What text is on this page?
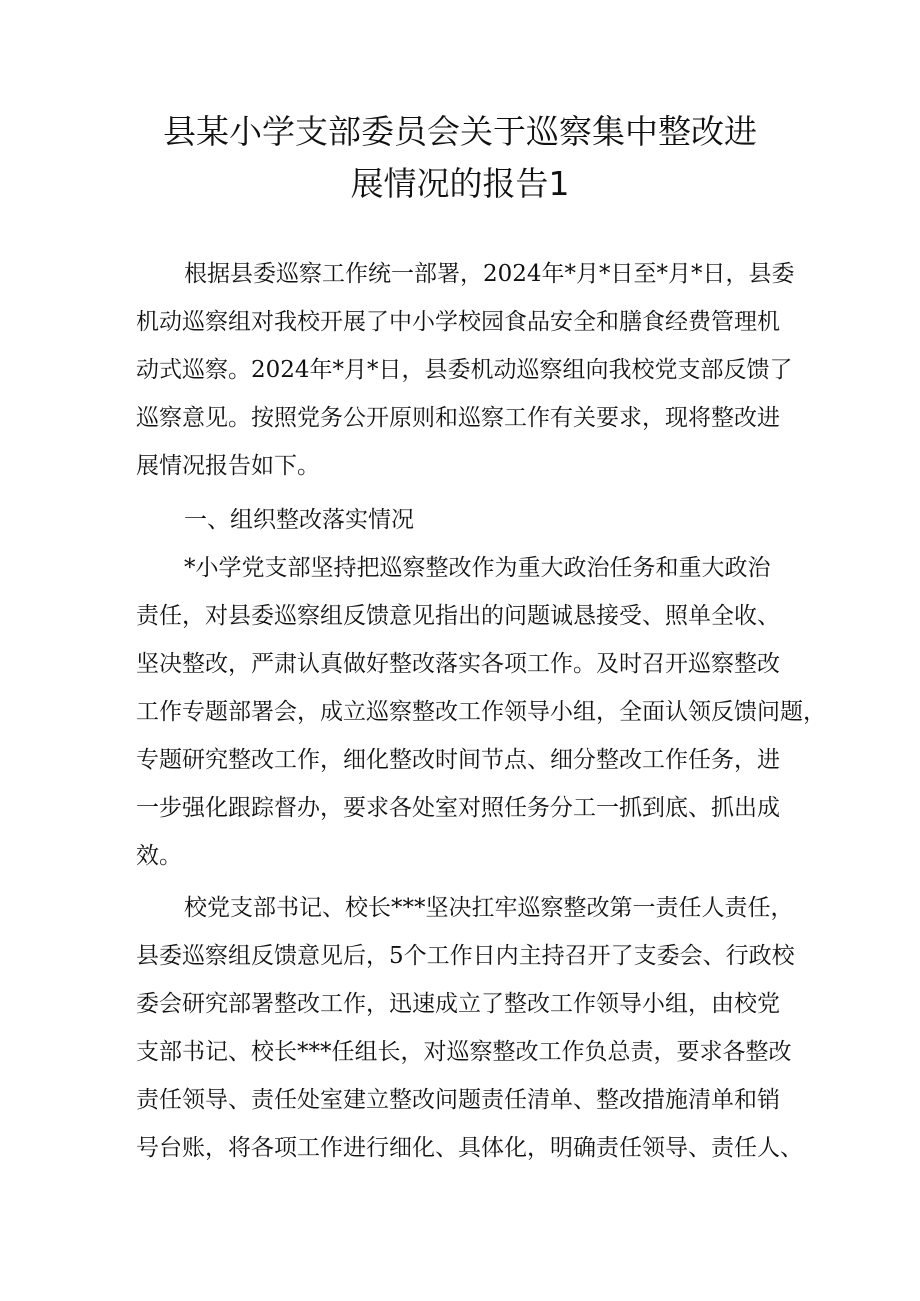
县某小学支部委员会关于巡察集中整改进
展情况的报告1
根据县委巡察工作统一部署，2024年*月*日至*月*日，县委
机动巡察组对我校开展了中小学校园食品安全和膳食经费管理机
动式巡察。2024年*月*日，县委机动巡察组向我校党支部反馈了
巡察意见。按照党务公开原则和巡察工作有关要求，现将整改进
展情况报告如下。
一、组织整改落实情况
*小学党支部坚持把巡察整改作为重大政治任务和重大政治
责任，对县委巡察组反馈意见指出的问题诚恳接受、照单全收、
坚决整改，严肃认真做好整改落实各项工作。及时召开巡察整改
工作专题部署会，成立巡察整改工作领导小组，全面认领反馈问题，
专题研究整改工作，细化整改时间节点、细分整改工作任务，进
一步强化跟踪督办，要求各处室对照任务分工一抓到底、抓出成
效。
校党支部书记、校长***坚决扛牢巡察整改第一责任人责任，
县委巡察组反馈意见后，5个工作日内主持召开了支委会、行政校
委会研究部署整改工作，迅速成立了整改工作领导小组，由校党
支部书记、校长***任组长，对巡察整改工作负总责，要求各整改
责任领导、责任处室建立整改问题责任清单、整改措施清单和销
号台账，将各项工作进行细化、具体化，明确责任领导、责任人、
